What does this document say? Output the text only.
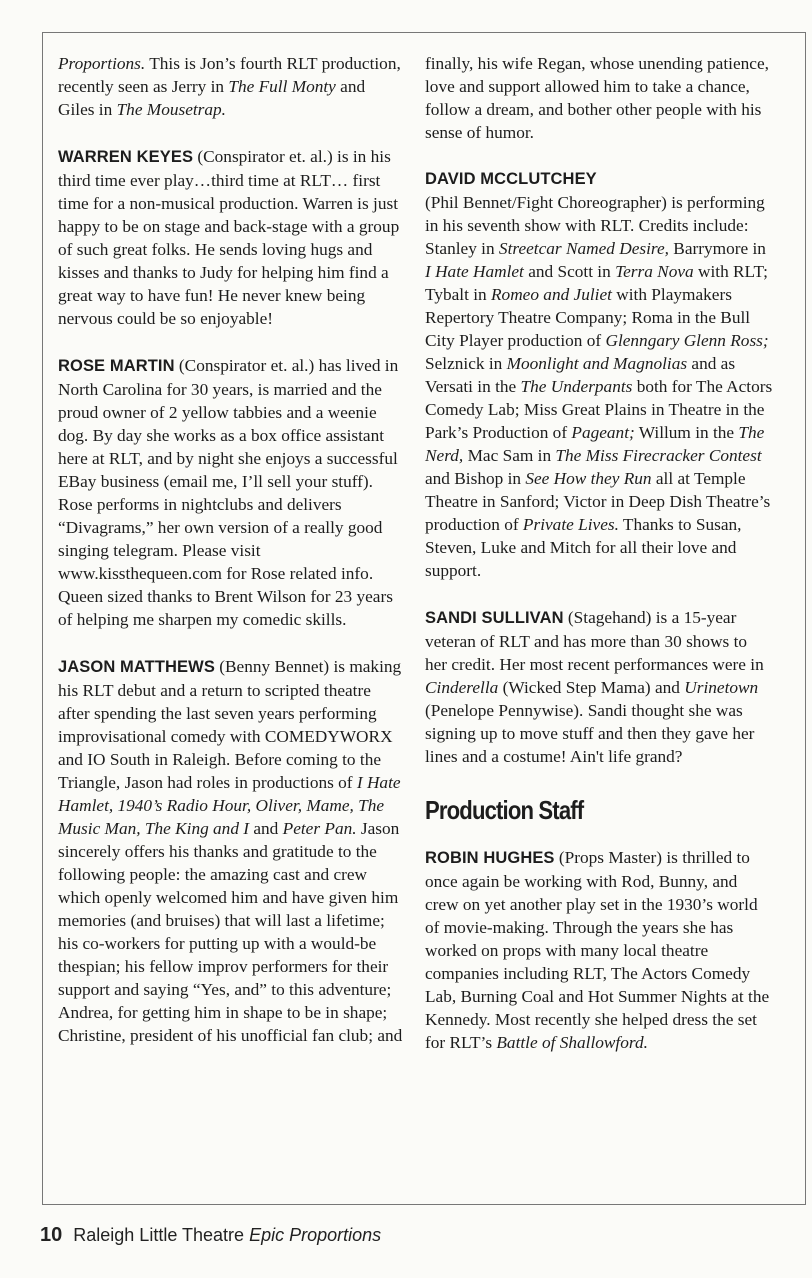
Proportions. This is Jon’s fourth RLT production, recently seen as Jerry in The Full Monty and Giles in The Mousetrap.

WARREN KEYES (Conspirator et. al.) is in his third time ever play…third time at RLT… first time for a non-musical production. Warren is just happy to be on stage and back-stage with a group of such great folks. He sends loving hugs and kisses and thanks to Judy for helping him find a great way to have fun! He never knew being nervous could be so enjoyable!

ROSE MARTIN (Conspirator et. al.) has lived in North Carolina for 30 years, is married and the proud owner of 2 yellow tabbies and a weenie dog. By day she works as a box office assistant here at RLT, and by night she enjoys a successful EBay business (email me, I’ll sell your stuff). Rose performs in nightclubs and delivers “Divagrams,” her own version of a really good singing telegram. Please visit www.kissthequeen.com for Rose related info. Queen sized thanks to Brent Wilson for 23 years of helping me sharpen my comedic skills.

JASON MATTHEWS (Benny Bennet) is making his RLT debut and a return to scripted theatre after spending the last seven years performing improvisational comedy with COMEDYWORX and IO South in Raleigh. Before coming to the Triangle, Jason had roles in productions of I Hate Hamlet, 1940’s Radio Hour, Oliver, Mame, The Music Man, The King and I and Peter Pan. Jason sincerely offers his thanks and gratitude to the following people: the amazing cast and crew which openly welcomed him and have given him memories (and bruises) that will last a lifetime; his co-workers for putting up with a would-be thespian; his fellow improv performers for their support and saying “Yes, and” to this adventure; Andrea, for getting him in shape to be in shape; Christine, president of his unofficial fan club; and

finally, his wife Regan, whose unending patience, love and support allowed him to take a chance, follow a dream, and bother other people with his sense of humor.

DAVID MCCLUTCHEY
(Phil Bennet/Fight Choreographer) is performing in his seventh show with RLT. Credits include: Stanley in Streetcar Named Desire, Barrymore in I Hate Hamlet and Scott in Terra Nova with RLT; Tybalt in Romeo and Juliet with Playmakers Repertory Theatre Company; Roma in the Bull City Player production of Glenngary Glenn Ross; Selznick in Moonlight and Magnolias and as Versati in the The Underpants both for The Actors Comedy Lab; Miss Great Plains in Theatre in the Park’s Production of Pageant; Willum in the The Nerd, Mac Sam in The Miss Firecracker Contest and Bishop in See How they Run all at Temple Theatre in Sanford; Victor in Deep Dish Theatre’s production of Private Lives. Thanks to Susan, Steven, Luke and Mitch for all their love and support.

SANDI SULLIVAN (Stagehand) is a 15-year veteran of RLT and has more than 30 shows to her credit. Her most recent performances were in Cinderella (Wicked Step Mama) and Urinetown (Penelope Pennywise). Sandi thought she was signing up to move stuff and then they gave her lines and a costume! Ain't life grand?

Production Staff

ROBIN HUGHES (Props Master) is thrilled to once again be working with Rod, Bunny, and crew on yet another play set in the 1930’s world of movie-making. Through the years she has worked on props with many local theatre companies including RLT, The Actors Comedy Lab, Burning Coal and Hot Summer Nights at the Kennedy. Most recently she helped dress the set for RLT’s Battle of Shallowford.

10 Raleigh Little Theatre Epic Proportions
